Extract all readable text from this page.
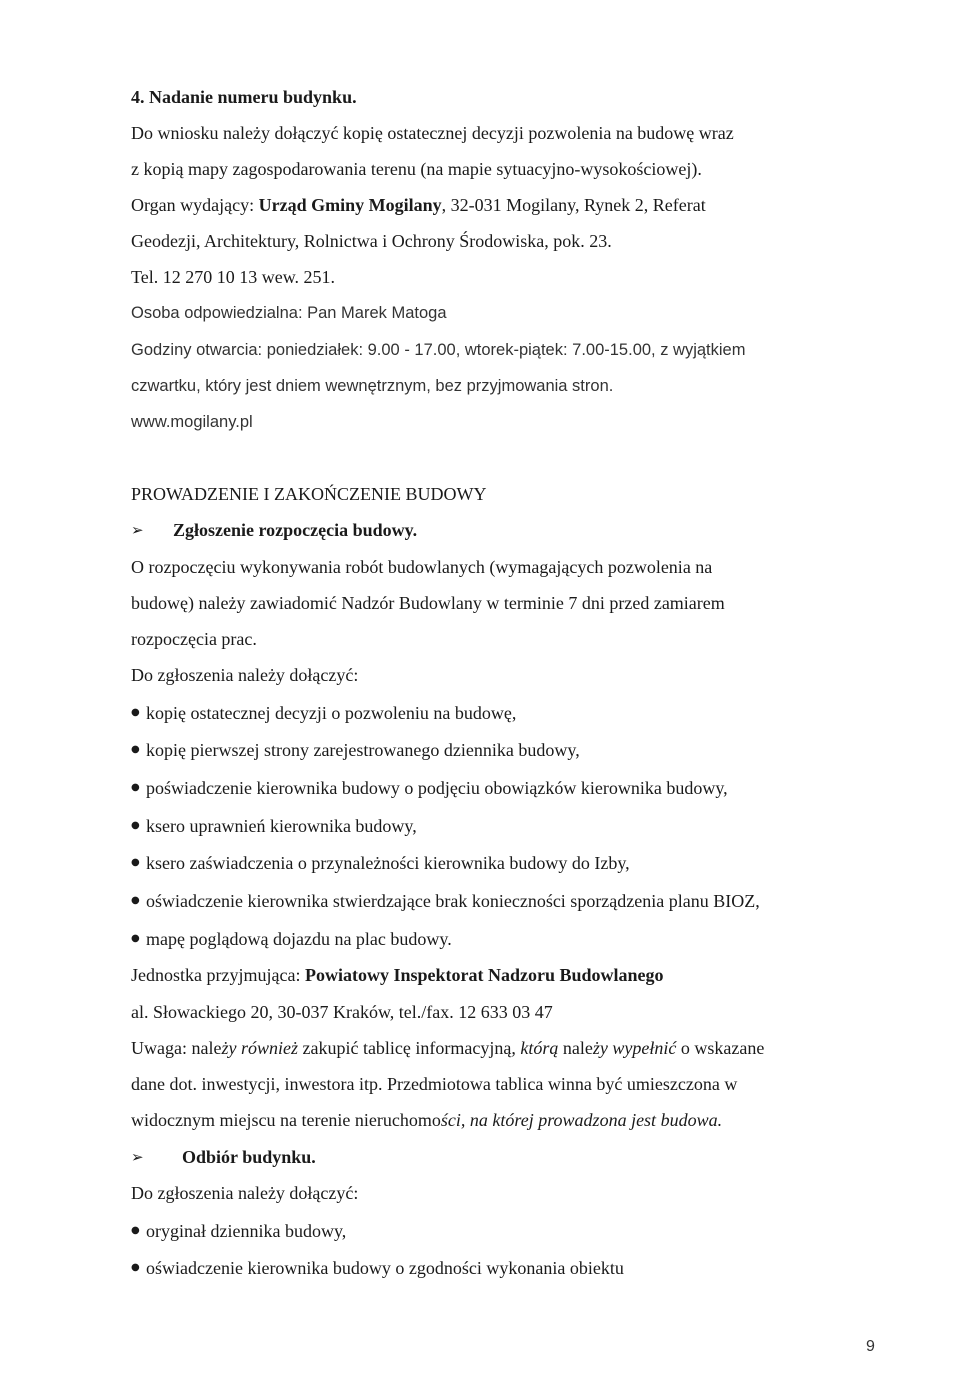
4. Nadanie numeru budynku.
Do wniosku należy dołączyć kopię ostatecznej decyzji pozwolenia na budowę wraz
z kopią mapy zagospodarowania terenu (na mapie sytuacyjno-wysokościowej).
Organ wydający: Urząd Gminy Mogilany, 32-031 Mogilany, Rynek 2, Referat
Geodezji, Architektury, Rolnictwa i Ochrony Środowiska, pok. 23.
Tel. 12 270 10 13 wew. 251.
Osoba odpowiedzialna: Pan Marek Matoga
Godziny otwarcia: poniedziałek: 9.00 - 17.00, wtorek-piątek: 7.00-15.00, z wyjątkiem
czwartku, który jest dniem wewnętrznym, bez przyjmowania stron.
www.mogilany.pl
PROWADZENIE I ZAKOŃCZENIE BUDOWY
➢ Zgłoszenie rozpoczęcia budowy.
O rozpoczęciu wykonywania robót budowlanych (wymagających pozwolenia na
budowę) należy zawiadomić Nadzór Budowlany w terminie 7 dni przed zamiarem
rozpoczęcia prac.
Do zgłoszenia należy dołączyć:
● kopię ostatecznej decyzji o pozwoleniu na budowę,
● kopię pierwszej strony zarejestrowanego dziennika budowy,
● poświadczenie kierownika budowy o podjęciu obowiązków kierownika budowy,
● ksero uprawnień kierownika budowy,
● ksero zaświadczenia o przynależności kierownika budowy do Izby,
● oświadczenie kierownika stwierdzające brak konieczności sporządzenia planu BIOZ,
● mapę poglądową dojazdu na plac budowy.
Jednostka przyjmująca: Powiatowy Inspektorat Nadzoru Budowlanego
al. Słowackiego 20, 30-037 Kraków, tel./fax. 12 633 03 47
Uwaga: należy również zakupić tablicę informacyjną, którą należy wypełnić o wskazane
dane dot. inwestycji, inwestora itp. Przedmiotowa tablica winna być umieszczona w
widocznym miejscu na terenie nieruchomości, na której prowadzona jest budowa.
➢ Odbiór budynku.
Do zgłoszenia należy dołączyć:
● oryginał dziennika budowy,
● oświadczenie kierownika budowy o zgodności wykonania obiektu
9
